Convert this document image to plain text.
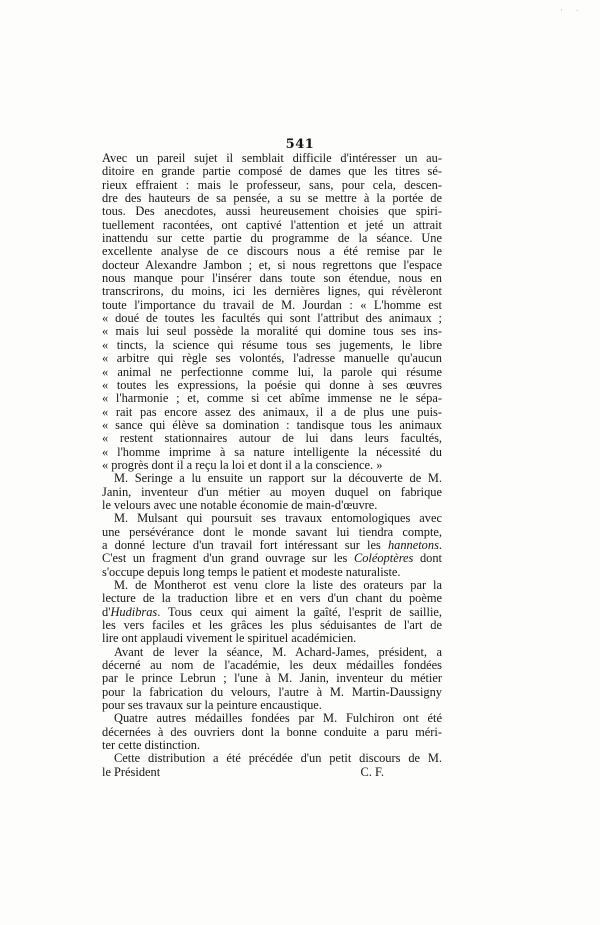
· ˙
541
Avec un pareil sujet il semblait difficile d'intéresser un au-
ditoire en grande partie composé de dames que les titres sé-
rieux effraient : mais le professeur, sans, pour cela, descen-
dre des hauteurs de sa pensée, a su se mettre à la portée de
tous. Des anecdotes, aussi heureusement choisies que spiri-
tuellement racontées, ont captivé l'attention et jeté un attrait
inattendu sur cette partie du programme de la séance. Une
excellente analyse de ce discours nous a été remise par le
docteur Alexandre Jambon ; et, si nous regrettons que l'espace
nous manque pour l'insérer dans toute son étendue, nous en
transcrirons, du moins, ici les dernières lignes, qui révèleront
toute l'importance du travail de M. Jourdan : « L'homme est
« doué de toutes les facultés qui sont l'attribut des animaux ;
« mais lui seul possède la moralité qui domine tous ses ins-
« tincts, la science qui résume tous ses jugements, le libre
« arbitre qui règle ses volontés, l'adresse manuelle qu'aucun
« animal ne perfectionne comme lui, la parole qui résume
« toutes les expressions, la poésie qui donne à ses œuvres
« l'harmonie ; et, comme si cet abîme immense ne le sépa-
« rait pas encore assez des animaux, il a de plus une puis-
« sance qui élève sa domination : tandisque tous les animaux
« restent stationnaires autour de lui dans leurs facultés,
« l'homme imprime à sa nature intelligente la nécessité du
« progrès dont il a reçu la loi et dont il a la conscience. »
M. Seringe a lu ensuite un rapport sur la découverte de M.
Janin, inventeur d'un métier au moyen duquel on fabrique
le velours avec une notable économie de main-d'œuvre.
M. Mulsant qui poursuit ses travaux entomologiques avec
une persévérance dont le monde savant lui tiendra compte,
a donné lecture d'un travail fort intéressant sur les hannetons.
C'est un fragment d'un grand ouvrage sur les Coléoptères dont
s'occupe depuis long temps le patient et modeste naturaliste.
M. de Montherot est venu clore la liste des orateurs par la
lecture de la traduction libre et en vers d'un chant du poème
d'Hudibras. Tous ceux qui aiment la gaîté, l'esprit de saillie,
les vers faciles et les grâces les plus séduisantes de l'art de
lire ont applaudi vivement le spirituel académicien.
Avant de lever la séance, M. Achard-James, président, a
décerné au nom de l'académie, les deux médailles fondées
par le prince Lebrun ; l'une à M. Janin, inventeur du métier
pour la fabrication du velours, l'autre à M. Martin-Daussigny
pour ses travaux sur la peinture encaustique.
Quatre autres médailles fondées par M. Fulchiron ont été
décernées à des ouvriers dont la bonne conduite a paru méri-
ter cette distinction.
Cette distribution a été précédée d'un petit discours de M.
le Président	C. F.
